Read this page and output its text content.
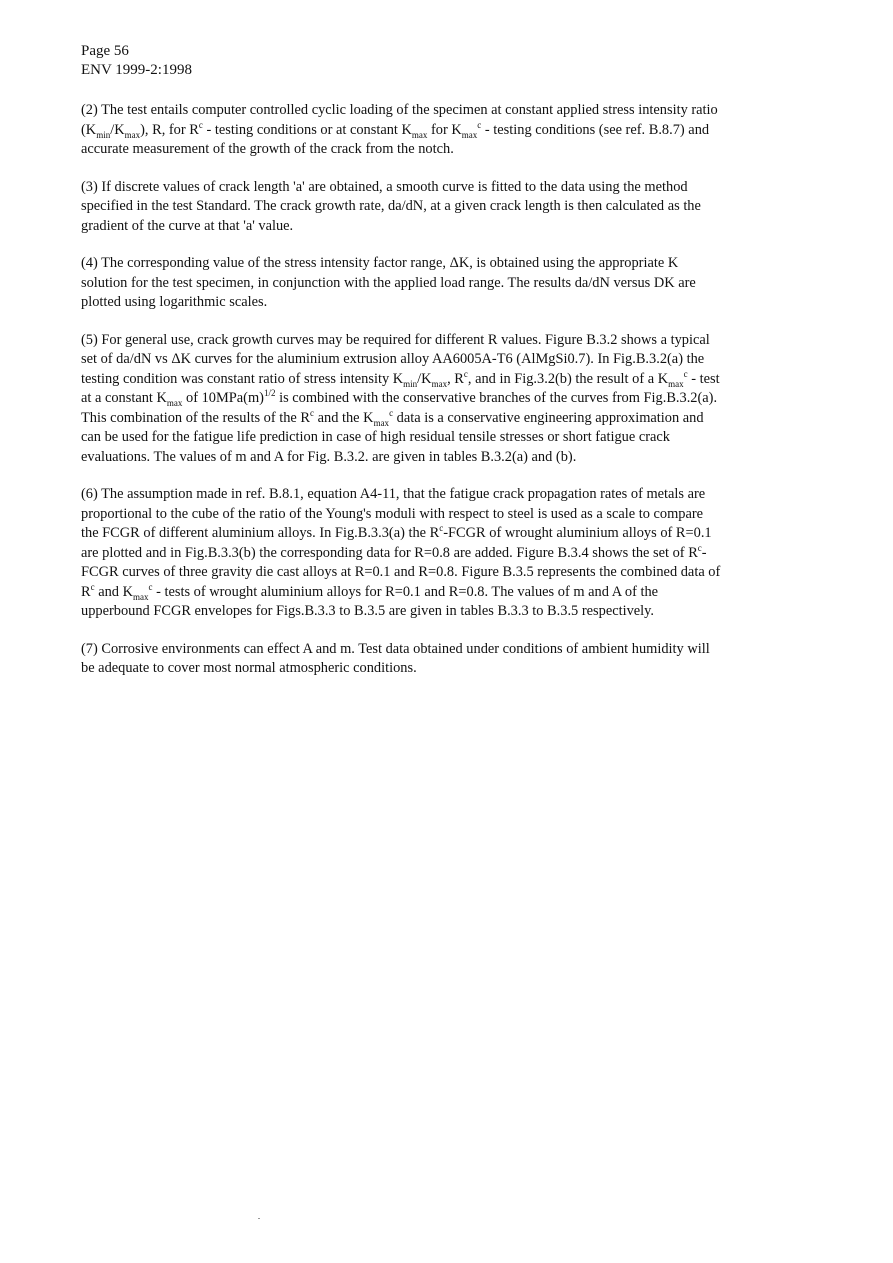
Page 56
ENV 1999-2:1998
(2) The test entails computer controlled cyclic loading of the specimen at constant applied stress intensity ratio
$(K_{min}/K_{max})$, R, for $R^c$ - testing conditions or at constant $K_{max}$ for $K_{max}^c$ - testing conditions (see ref. B.8.7) and
accurate measurement of the growth of the crack from the notch.
(3) If discrete values of crack length 'a' are obtained, a smooth curve is fitted to the data using the method
specified in the test Standard. The crack growth rate, da/dN, at a given crack length is then calculated as the
gradient of the curve at that 'a' value.
(4) The corresponding value of the stress intensity factor range, ΔK, is obtained using the appropriate K
solution for the test specimen, in conjunction with the applied load range. The results da/dN versus DK are
plotted using logarithmic scales.
(5) For general use, crack growth curves may be required for different R values. Figure B.3.2 shows a typical
set of da/dN vs ΔK curves for the aluminium extrusion alloy AA6005A-T6 (AlMgSi0.7). In Fig.B.3.2(a) the
testing condition was constant ratio of stress intensity $K_{min}/K_{max}$, $R^c$, and in Fig.3.2(b) the result of a $K_{max}^c$ - test
at a constant $K_{max}$ of $10MPa(m)^{1/2}$ is combined with the conservative branches of the curves from Fig.B.3.2(a).
This combination of the results of the $R^c$ and the $K_{max}^c$ data is a conservative engineering approximation and
can be used for the fatigue life prediction in case of high residual tensile stresses or short fatigue crack
evaluations. The values of m and A for Fig. B.3.2. are given in tables B.3.2(a) and (b).
(6) The assumption made in ref. B.8.1, equation A4-11, that the fatigue crack propagation rates of metals are
proportional to the cube of the ratio of the Young's moduli with respect to steel is used as a scale to compare
the FCGR of different aluminium alloys. In Fig.B.3.3(a) the $R^c$-FCGR of wrought aluminium alloys of R=0.1
are plotted and in Fig.B.3.3(b) the corresponding data for R=0.8 are added. Figure B.3.4 shows the set of $R^c-$
FCGR curves of three gravity die cast alloys at R=0.1 and R=0.8. Figure B.3.5 represents the combined data of
$R^c$ and $K_{max}^c$ - tests of wrought aluminium alloys for R=0.1 and R=0.8. The values of m and A of the
upperbound FCGR envelopes for Figs.B.3.3 to B.3.5 are given in tables B.3.3 to B.3.5 respectively.
(7) Corrosive environments can effect A and m. Test data obtained under conditions of ambient humidity will
be adequate to cover most normal atmospheric conditions.
